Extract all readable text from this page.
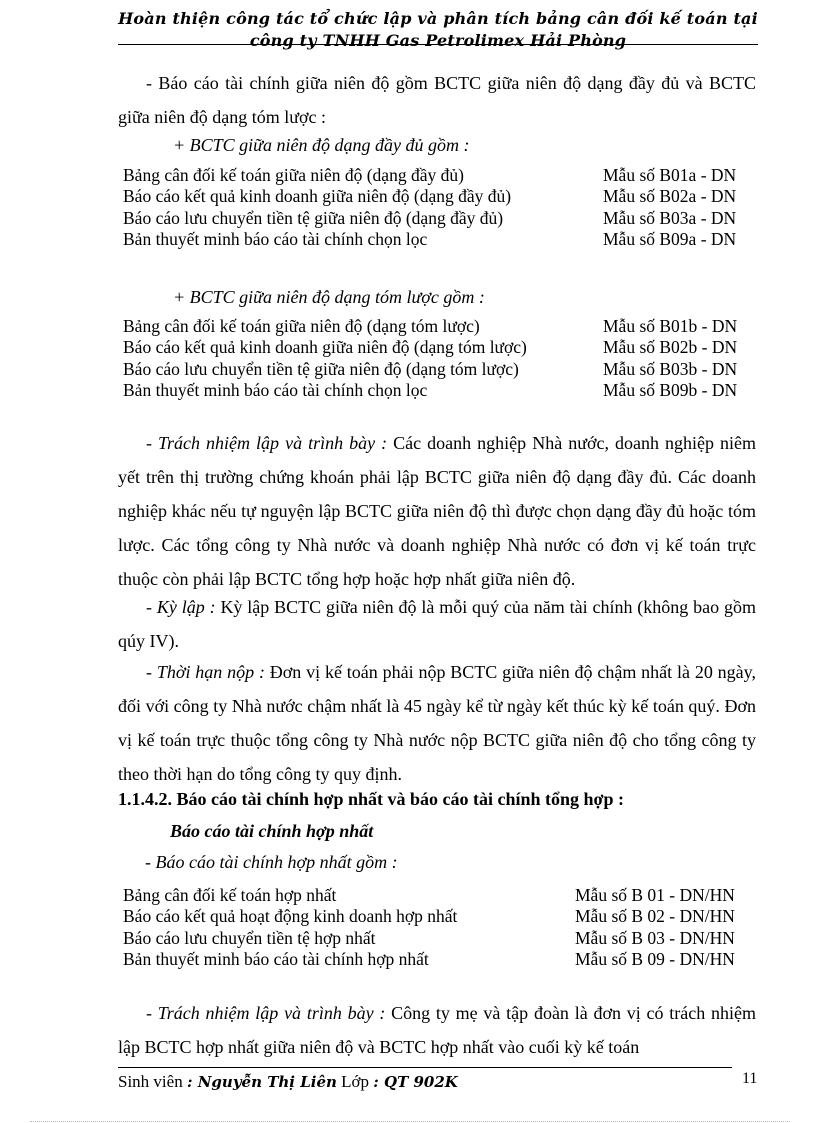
Hoàn thiện công tác tổ chức lập và phân tích bảng cân đối kế toán tại công ty TNHH Gas Petrolimex Hải Phòng
- Báo cáo tài chính giữa niên độ gồm BCTC giữa niên độ dạng đầy đủ và BCTC giữa niên độ dạng tóm lược :
+ BCTC giữa niên độ dạng đầy đủ gồm :
Bảng cân đối kế toán giữa niên độ (dạng đầy đủ)	Mẫu số B01a - DN
Báo cáo kết quả kinh doanh giữa niên độ (dạng đầy đủ)	Mẫu số B02a - DN
Báo cáo lưu chuyển tiền tệ giữa niên độ (dạng đầy đủ)	Mẫu số B03a - DN
Bản thuyết minh báo cáo tài chính chọn lọc	Mẫu số B09a - DN
+ BCTC giữa niên độ dạng tóm lược gồm :
Bảng cân đối kế toán giữa niên độ (dạng tóm lược)	Mẫu số B01b - DN
Báo cáo kết quả kinh doanh giữa niên độ (dạng tóm lược)	Mẫu số B02b - DN
Báo cáo lưu chuyển tiền tệ giữa niên độ (dạng tóm lược)	Mẫu số B03b - DN
Bản thuyết minh báo cáo tài chính chọn lọc	Mẫu số B09b - DN
- Trách nhiệm lập và trình bày : Các doanh nghiệp Nhà nước, doanh nghiệp niêm yết trên thị trường chứng khoán phải lập BCTC giữa niên độ dạng đầy đủ. Các doanh nghiệp khác nếu tự nguyện lập BCTC giữa niên độ thì được chọn dạng đầy đủ hoặc tóm lược. Các tổng công ty Nhà nước và doanh nghiệp Nhà nước có đơn vị kế toán trực thuộc còn phải lập BCTC tổng hợp hoặc hợp nhất giữa niên độ.
- Kỳ lập : Kỳ lập BCTC giữa niên độ là mỗi quý của năm tài chính (không bao gồm qúy IV).
- Thời hạn nộp : Đơn vị kế toán phải nộp BCTC giữa niên độ chậm nhất là 20 ngày, đối với công ty Nhà nước chậm nhất là 45 ngày kể từ ngày kết thúc kỳ kế toán quý. Đơn vị kế toán trực thuộc tổng công ty Nhà nước nộp BCTC giữa niên độ cho tổng công ty theo thời hạn do tổng công ty quy định.
1.1.4.2. Báo cáo tài chính hợp nhất và báo cáo tài chính tổng hợp :
Báo cáo tài chính hợp nhất
- Báo cáo tài chính hợp nhất gồm :
Bảng cân đối kế toán hợp nhất	Mẫu số B 01 - DN/HN
Báo cáo kết quả hoạt động kinh doanh hợp nhất	Mẫu số B 02 - DN/HN
Báo cáo lưu chuyển tiền tệ hợp nhất	Mẫu số B 03 - DN/HN
Bản thuyết minh báo cáo tài chính hợp nhất	Mẫu số B 09 - DN/HN
- Trách nhiệm lập và trình bày : Công ty mẹ và tập đoàn là đơn vị có trách nhiệm lập BCTC hợp nhất giữa niên độ và BCTC hợp nhất vào cuối kỳ kế toán
Sinh viên : Nguyễn Thị Liên Lớp : QT 902K	11
